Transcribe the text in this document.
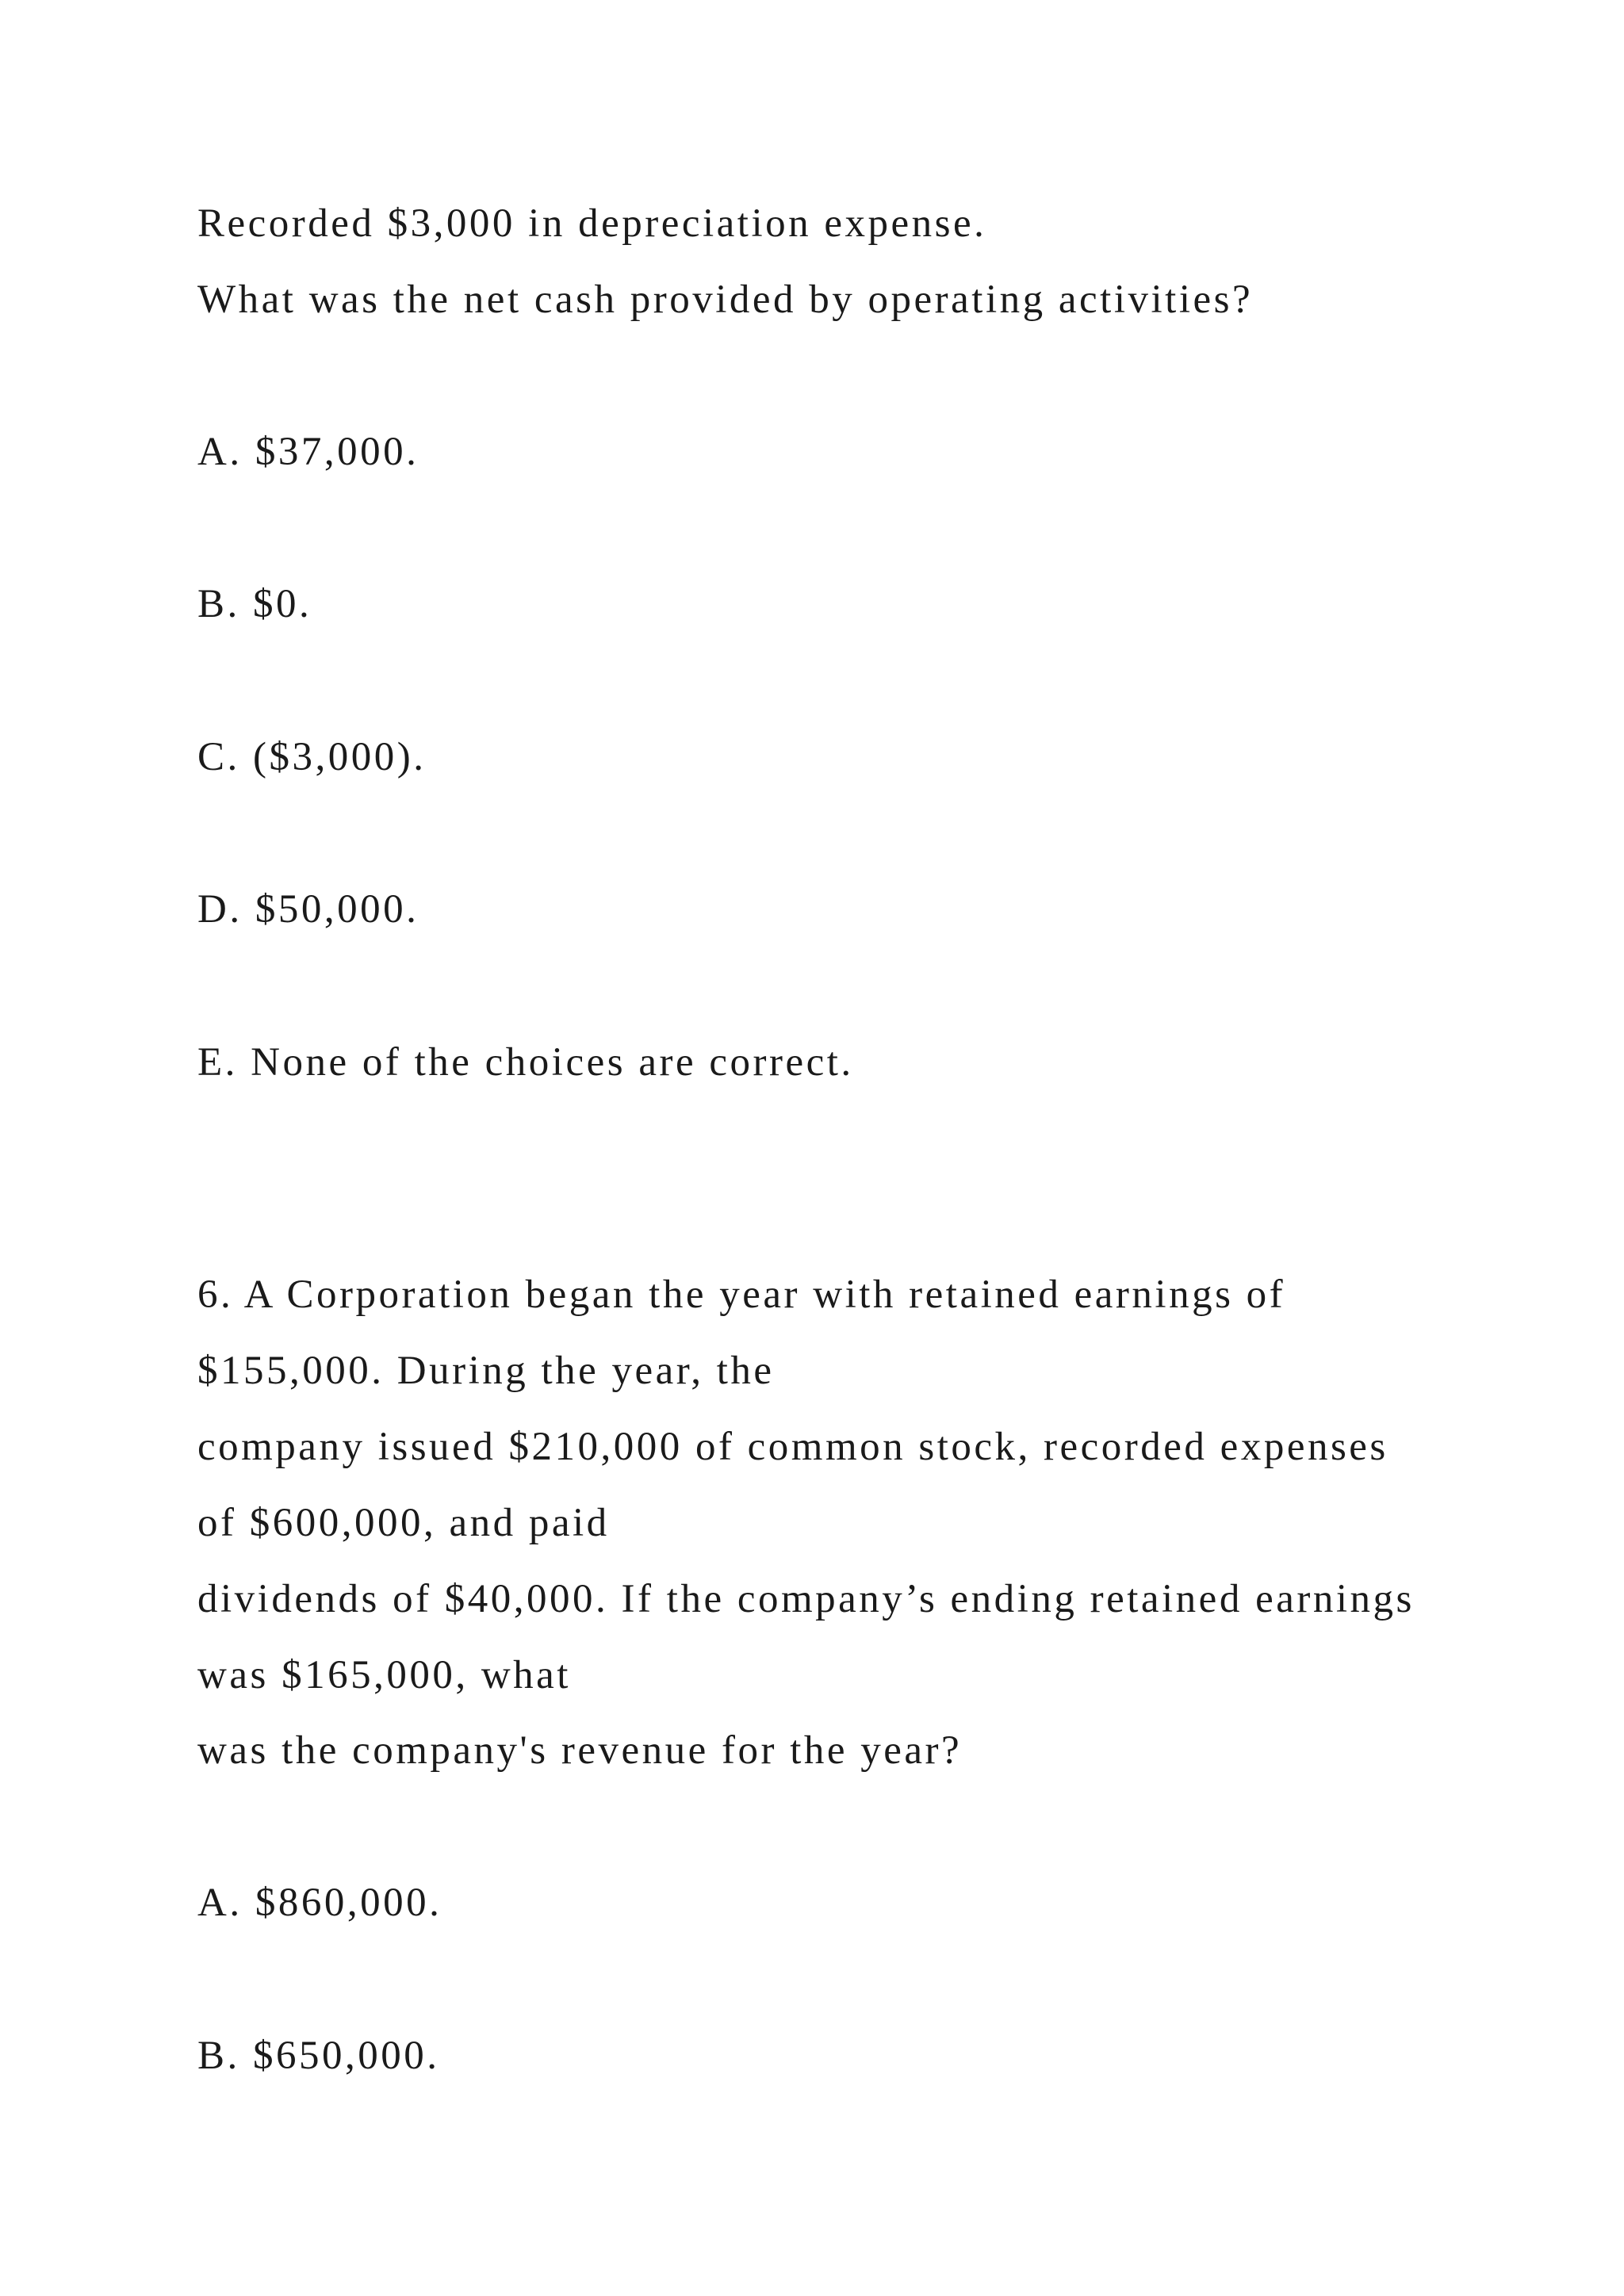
Recorded $3,000 in depreciation expense.
What was the net cash provided by operating activities?
A. $37,000.
B. $0.
C. ($3,000).
D. $50,000.
E. None of the choices are correct.
6. A Corporation began the year with retained earnings of
$155,000. During the year, the
company issued $210,000 of common stock, recorded expenses
of $600,000, and paid
dividends of $40,000. If the company’s ending retained earnings
was $165,000, what
was the company's revenue for the year?
A. $860,000.
B. $650,000.
